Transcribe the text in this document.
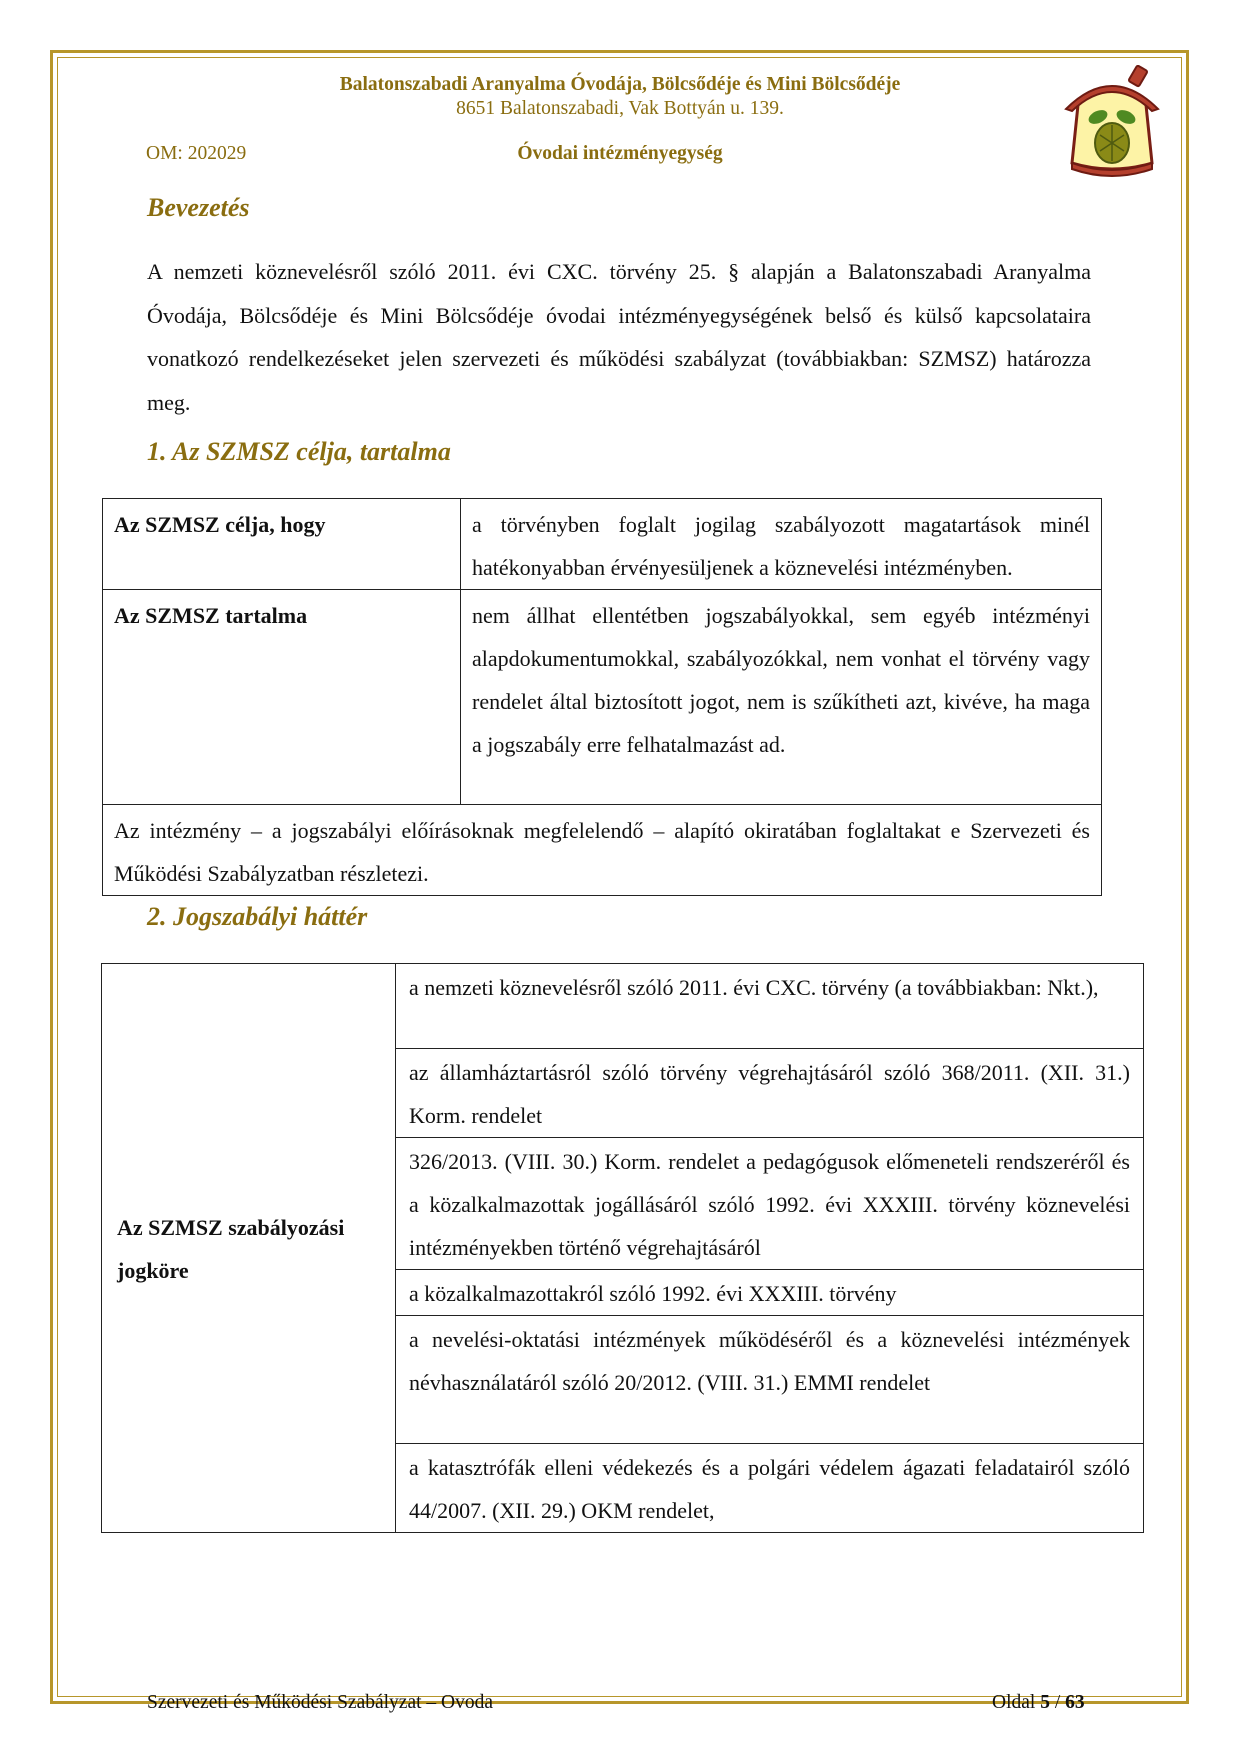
Balatonszabadi Aranyalma Óvodája, Bölcsődéje és Mini Bölcsődéje
8651 Balatonszabadi, Vak Bottyán u. 139.
OM: 202029	Óvodai intézményegység
Bevezetés
A nemzeti köznevelésről szóló 2011. évi CXC. törvény 25. § alapján a Balatonszabadi Aranyalma Óvodája, Bölcsődéje és Mini Bölcsődéje óvodai intézményegységének belső és külső kapcsolataira vonatkozó rendelkezéseket jelen szervezeti és működési szabályzat (továbbiakban: SZMSZ) határozza meg.
1. Az SZMSZ célja, tartalma
Az SZMSZ célja, hogy	a törvényben foglalt jogilag szabályozott magatartások minél hatékonyabban érvényesüljenek a köznevelési intézményben.
Az SZMSZ tartalma	nem állhat ellentétben jogszabályokkal, sem egyéb intézményi alapdokumentumokkal, szabályozókkal, nem vonhat el törvény vagy rendelet által biztosított jogot, nem is szűkítheti azt, kivéve, ha maga a jogszabály erre felhatalmazást ad.
Az intézmény – a jogszabályi előírásoknak megfelelendő – alapító okiratában foglaltakat e Szervezeti és Működési Szabályzatban részletezi.	
2. Jogszabályi háttér
Az SZMSZ szabályozási jogköre	a nemzeti köznevelésről szóló 2011. évi CXC. törvény (a továbbiakban: Nkt.),
az államháztartásról szóló törvény végrehajtásáról szóló 368/2011. (XII. 31.) Korm. rendelet
326/2013. (VIII. 30.) Korm. rendelet a pedagógusok előmeneteli rendszeréről és a közalkalmazottak jogállásáról szóló 1992. évi XXXIII. törvény köznevelési intézményekben történő végrehajtásáról
a közalkalmazottakról szóló 1992. évi XXXIII. törvény
a nevelési-oktatási intézmények működéséről és a köznevelési intézmények névhasználatáról szóló 20/2012. (VIII. 31.) EMMI rendelet
a katasztrófák elleni védekezés és a polgári védelem ágazati feladatairól szóló 44/2007. (XII. 29.) OKM rendelet,
Szervezeti és Működési Szabályzat – Ovoda	Oldal 5 / 63
